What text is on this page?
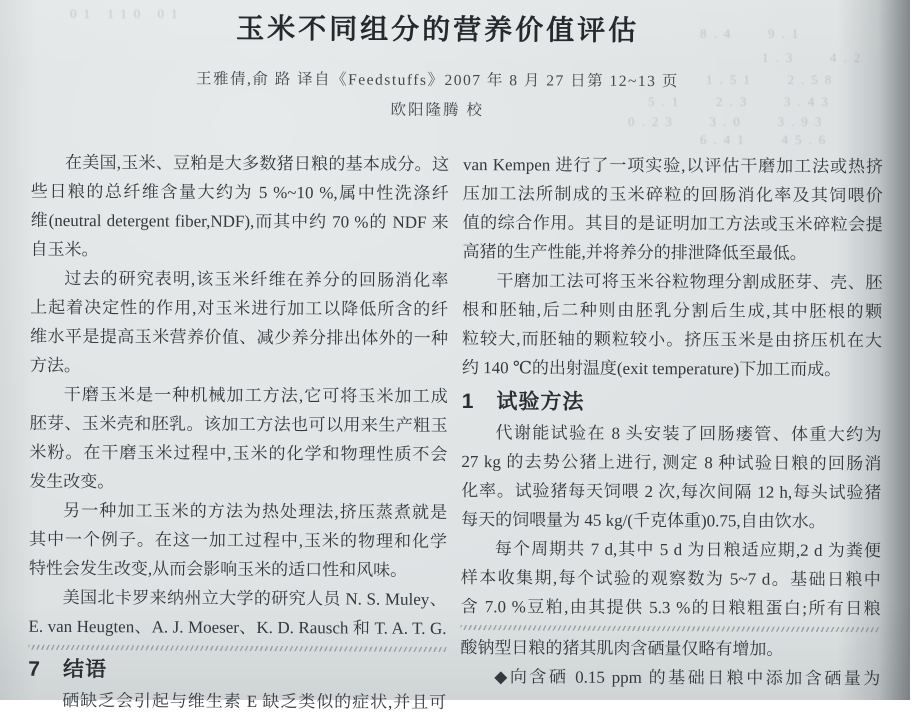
8.4   9.1
1.3   4.2
1.51   2.58
5.1   2.3   3.43
0.23   3.0   3.93
6.41   45.6
01 110 01	玉米不同组分的营养价值评估
王雅倩,俞 路 译自《Feedstuffs》2007 年 8 月 27 日第 12~13 页
欧阳隆腾 校
在美国,玉米、豆粕是大多数猪日粮的基本成分。这
些日粮的总纤维含量大约为 5 %~10 %,属中性洗涤纤
维(neutral detergent fiber,NDF),而其中约 70 %的 NDF 来
自玉米。
过去的研究表明,该玉米纤维在养分的回肠消化率
上起着决定性的作用,对玉米进行加工以降低所含的纤
维水平是提高玉米营养价值、减少养分排出体外的一种
方法。
干磨玉米是一种机械加工方法,它可将玉米加工成
胚芽、玉米壳和胚乳。该加工方法也可以用来生产粗玉
米粉。在干磨玉米过程中,玉米的化学和物理性质不会
发生改变。
另一种加工玉米的方法为热处理法,挤压蒸煮就是
其中一个例子。在这一加工过程中,玉米的物理和化学
特性会发生改变,从而会影响玉米的适口性和风味。
美国北卡罗来纳州立大学的研究人员 N. S. Muley、
E. van Heugten、A. J. Moeser、K. D. Rausch 和 T. A. T. G.
7　结语
硒缺乏会引起与维生素 E 缺乏类似的症状,并且可
van Kempen 进行了一项实验,以评估干磨加工法或热挤
压加工法所制成的玉米碎粒的回肠消化率及其饲喂价
值的综合作用。其目的是证明加工方法或玉米碎粒会提
高猪的生产性能,并将养分的排泄降低至最低。
干磨加工法可将玉米谷粒物理分割成胚芽、壳、胚
根和胚轴,后二种则由胚乳分割后生成,其中胚根的颗
粒较大,而胚轴的颗粒较小。挤压玉米是由挤压机在大
约 140 ℃的出射温度(exit temperature)下加工而成。
1　试验方法
代谢能试验在 8 头安装了回肠瘘管、体重大约为
27 kg 的去势公猪上进行, 测定 8 种试验日粮的回肠消
化率。试验猪每天饲喂 2 次,每次间隔 12 h,每头试验猪
每天的饲喂量为 45 kg/(千克体重)0.75,自由饮水。
每个周期共 7 d,其中 5 d 为日粮适应期,2 d 为粪便
样本收集期,每个试验的观察数为 5~7 d。基础日粮中
含 7.0 %豆粕,由其提供 5.3 %的日粮粗蛋白;所有日粮
酸钠型日粮的猪其肌肉含硒量仅略有增加。
◆向含硒 0.15 ppm 的基础日粮中添加含硒量为
